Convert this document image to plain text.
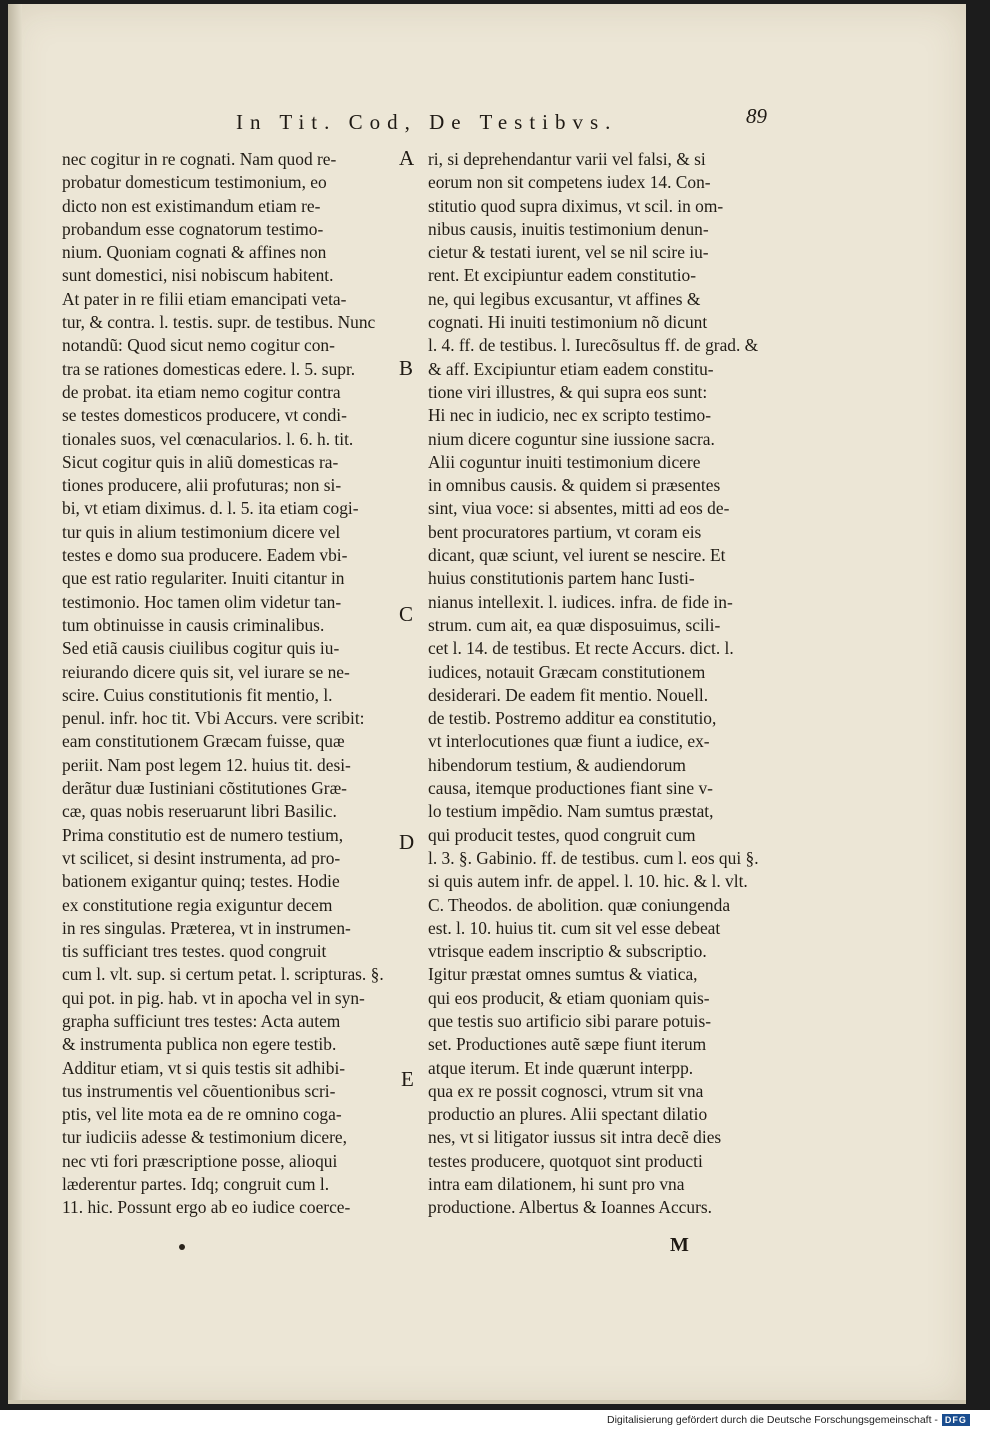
In Tit. Cod, De Testibvs.	89
nec cogitur in re cognati. Nam quod re-
probatur domesticum testimonium, eo
dicto non est existimandum etiam re-
probandum esse cognatorum testimo-
nium. Quoniam cognati & affines non
sunt domestici, nisi nobiscum habitent.
At pater in re filii etiam emancipati veta-
tur, & contra. l. testis. supr. de testibus. Nunc
notandũ: Quod sicut nemo cogitur con-
tra se rationes domesticas edere. l. 5. supr.
de probat. ita etiam nemo cogitur contra
se testes domesticos producere, vt condi-
tionales suos, vel cœnacularios. l. 6. h. tit.
Sicut cogitur quis in aliũ domesticas ra-
tiones producere, alii profuturas; non si-
bi, vt etiam diximus. d. l. 5. ita etiam cogi-
tur quis in alium testimonium dicere vel
testes e domo sua producere. Eadem vbi-
que est ratio regulariter. Inuiti citantur in
testimonio. Hoc tamen olim videtur tan-
tum obtinuisse in causis criminalibus.
Sed etiã causis ciuilibus cogitur quis iu-
reiurando dicere quis sit, vel iurare se ne-
scire. Cuius constitutionis fit mentio, l.
penul. infr. hoc tit. Vbi Accurs. vere scribit:
eam constitutionem Græcam fuisse, quæ
periit. Nam post legem 12. huius tit. desi-
derãtur duæ Iustiniani cõstitutiones Græ-
cæ, quas nobis reseruarunt libri Basilic.
Prima constitutio est de numero testium,
vt scilicet, si desint instrumenta, ad pro-
bationem exigantur quinq; testes. Hodie
ex constitutione regia exiguntur decem
in res singulas. Præterea, vt in instrumen-
tis sufficiant tres testes. quod congruit
cum l. vlt. sup. si certum petat. l. scripturas. §.
qui pot. in pig. hab. vt in apocha vel in syn-
grapha sufficiunt tres testes: Acta autem
& instrumenta publica non egere testib.
Additur etiam, vt si quis testis sit adhibi-
tus instrumentis vel cõuentionibus scri-
ptis, vel lite mota ea de re omnino coga-
tur iudiciis adesse & testimonium dicere,
nec vti fori præscriptione posse, alioqui
læderentur partes. Idq; congruit cum l.
11. hic. Possunt ergo ab eo iudice coerce-
ri, si deprehendantur varii vel falsi, & si
eorum non sit competens iudex 14. Con-
stitutio quod supra diximus, vt scil. in om-
nibus causis, inuitis testimonium denun-
cietur & testati iurent, vel se nil scire iu-
rent. Et excipiuntur eadem constitutio-
ne, qui legibus excusantur, vt affines &
cognati. Hi inuiti testimonium nõ dicunt
l. 4. ff. de testibus. l. Iurecõsultus ff. de grad. &
& aff. Excipiuntur etiam eadem constitu-
tione viri illustres, & qui supra eos sunt:
Hi nec in iudicio, nec ex scripto testimo-
nium dicere coguntur sine iussione sacra.
Alii coguntur inuiti testimonium dicere
in omnibus causis. & quidem si præsentes
sint, viua voce: si absentes, mitti ad eos de-
bent procuratores partium, vt coram eis
dicant, quæ sciunt, vel iurent se nescire. Et
huius constitutionis partem hanc Iusti-
nianus intellexit. l. iudices. infra. de fide in-
strum. cum ait, ea quæ disposuimus, scili-
cet l. 14. de testibus. Et recte Accurs. dict. l.
iudices, notauit Græcam constitutionem
desiderari. De eadem fit mentio. Nouell.
de testib. Postremo additur ea constitutio,
vt interlocutiones quæ fiunt a iudice, ex-
hibendorum testium, & audiendorum
causa, itemque productiones fiant sine v-
lo testium impẽdio. Nam sumtus præstat,
qui producit testes, quod congruit cum
l. 3. §. Gabinio. ff. de testibus. cum l. eos qui §.
si quis autem infr. de appel. l. 10. hic. & l. vlt.
C. Theodos. de abolition. quæ coniungenda
est. l. 10. huius tit. cum sit vel esse debeat
vtrisque eadem inscriptio & subscriptio.
Igitur præstat omnes sumtus & viatica,
qui eos producit, & etiam quoniam quis-
que testis suo artificio sibi parare potuis-
set. Productiones autẽ sæpe fiunt iterum
atque iterum. Et inde quærunt interpp.
qua ex re possit cognosci, vtrum sit vna
productio an plures. Alii spectant dilatio
nes, vt si litigator iussus sit intra decẽ dies
testes producere, quotquot sint producti
intra eam dilationem, hi sunt pro vna
productione. Albertus & Ioannes Accurs.
A
B
C
D
E
M
Digitalisierung gefördert durch die Deutsche Forschungsgemeinschaft - DFG
